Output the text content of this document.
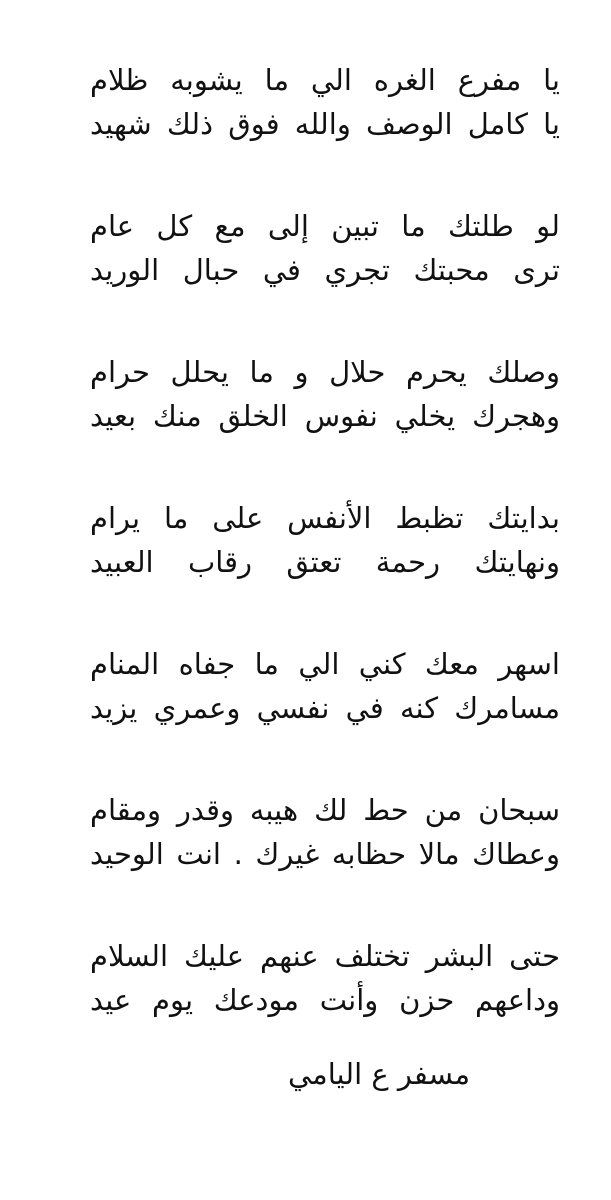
يا مفرع الغره الي ما يشوبه ظلام
يا كامل الوصف والله فوق ذلك شهيد
لو طلتك ما تبين إلى مع كل عام
ترى محبتك تجري في حبال الوريد
وصلك يحرم حلال و ما يحلل حرام
وهجرك يخلي نفوس الخلق منك بعيد
بدايتك تظبط الأنفس على ما يرام
ونهايتك رحمة تعتق رقاب العبيد
اسهر معك كني الي ما جفاه المنام
مسامرك كنه في نفسي وعمري يزيد
سبحان من حط لك هيبه وقدر ومقام
وعطاك مالا حظابه غيرك . انت الوحيد
حتى البشر تختلف عنهم عليك السلام
وداعهم حزن وأنت مودعك يوم عيد
مسفر ع اليامي
